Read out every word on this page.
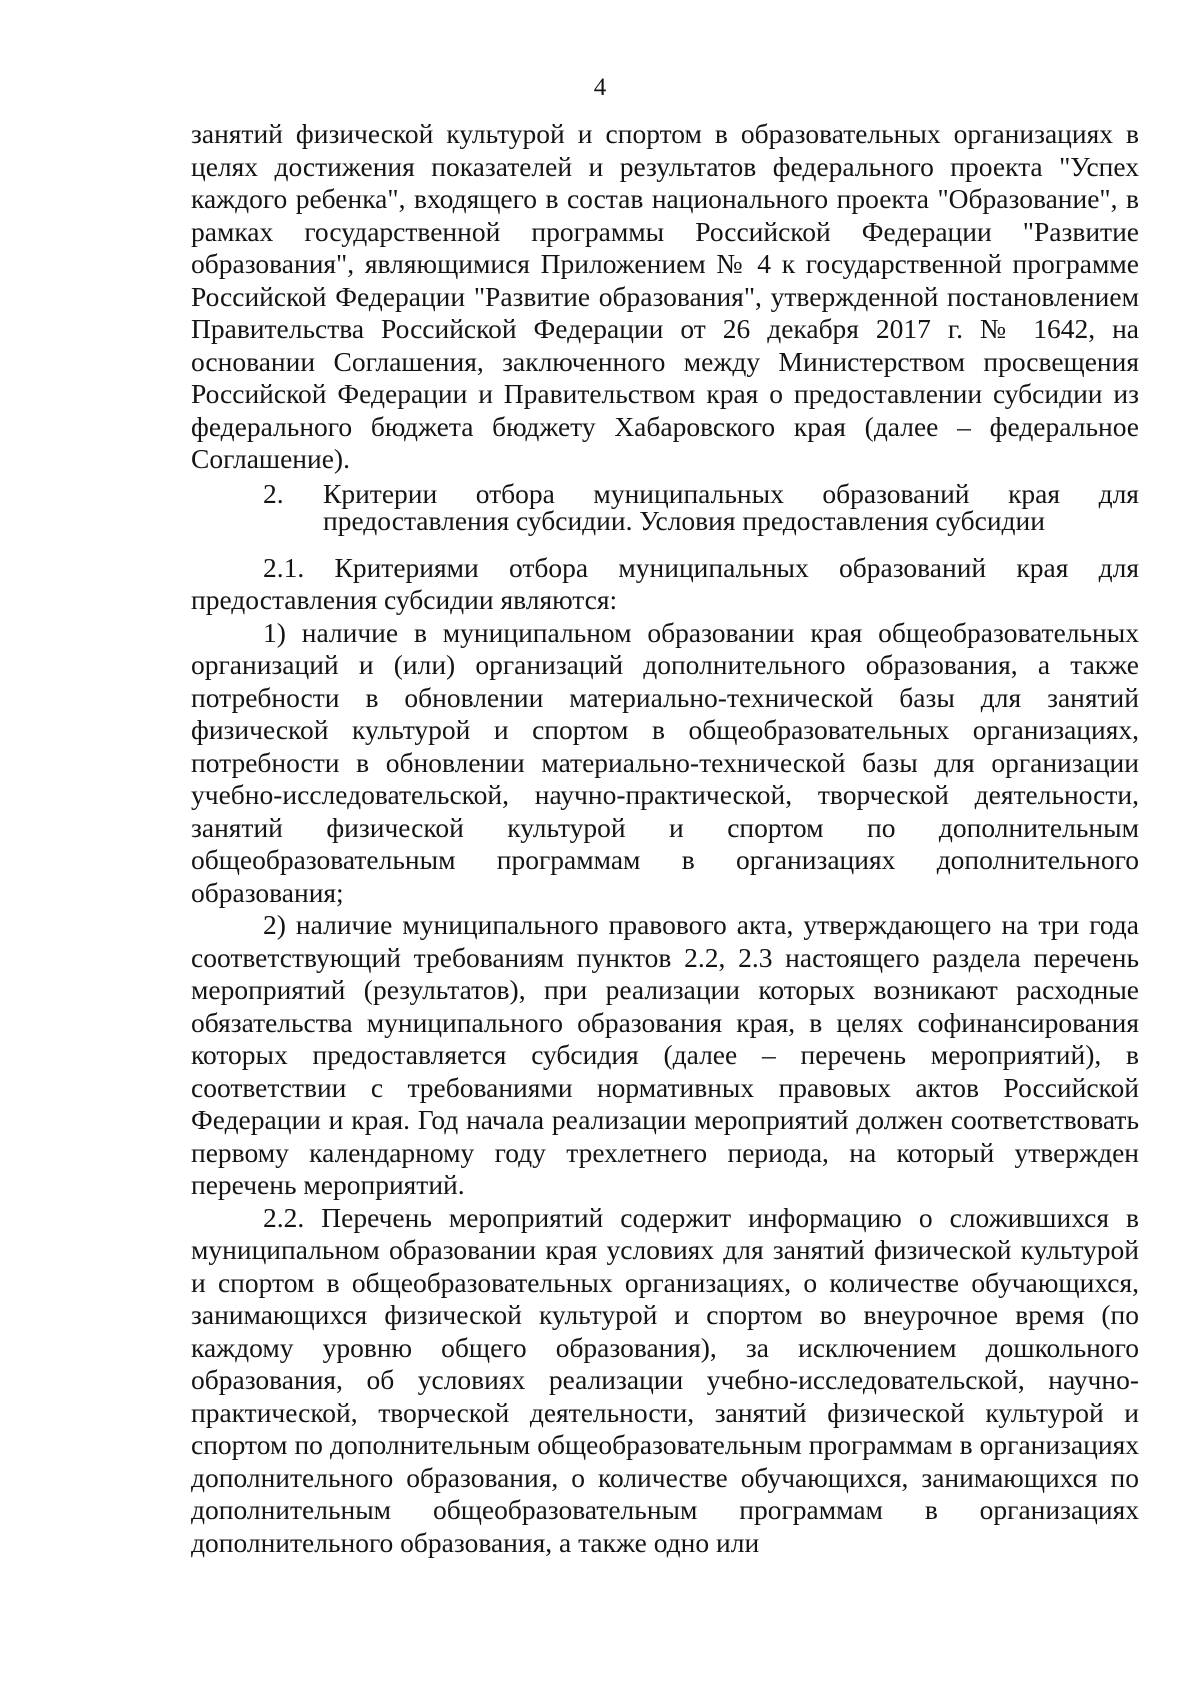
4

занятий физической культурой и спортом в образовательных организациях в целях достижения показателей и результатов федерального проекта "Успех каждого ребенка", входящего в состав национального проекта "Образование", в рамках государственной программы Российской Федерации "Развитие образования", являющимися Приложением № 4 к государственной программе Российской Федерации "Развитие образования", утвержденной постановлением Правительства Российской Федерации от 26 декабря 2017 г. № 1642, на основании Соглашения, заключенного между Министерством просвещения Российской Федерации и Правительством края о предоставлении субсидии из федерального бюджета бюджету Хабаровского края (далее – федеральное Соглашение).

2.	Критерии отбора муниципальных образований края для
предоставления субсидии. Условия предоставления субсидии

2.1. Критериями отбора муниципальных образований края для предоставления субсидии являются:

1) наличие в муниципальном образовании края общеобразовательных организаций и (или) организаций дополнительного образования, а также потребности в обновлении материально-технической базы для занятий физической культурой и спортом в общеобразовательных организациях, потребности в обновлении материально-технической базы для организации учебно-исследовательской, научно-практической, творческой деятельности, занятий физической культурой и спортом по дополнительным общеобразовательным программам в организациях дополнительного образования;

2) наличие муниципального правового акта, утверждающего на три года соответствующий требованиям пунктов 2.2, 2.3 настоящего раздела перечень мероприятий (результатов), при реализации которых возникают расходные обязательства муниципального образования края, в целях софинансирования которых предоставляется субсидия (далее – перечень мероприятий), в соответствии с требованиями нормативных правовых актов Российской Федерации и края. Год начала реализации мероприятий должен соответствовать первому календарному году трехлетнего периода, на который утвержден перечень мероприятий.

2.2. Перечень мероприятий содержит информацию о сложившихся в муниципальном образовании края условиях для занятий физической культурой и спортом в общеобразовательных организациях, о количестве обучающихся, занимающихся физической культурой и спортом во внеурочное время (по каждому уровню общего образования), за исключением дошкольного образования, об условиях реализации учебно-исследовательской, научно-практической, творческой деятельности, занятий физической культурой и спортом по дополнительным общеобразовательным программам в организациях дополнительного образования, о количестве обучающихся, занимающихся по дополнительным общеобразовательным программам в организациях дополнительного образования, а также одно или
